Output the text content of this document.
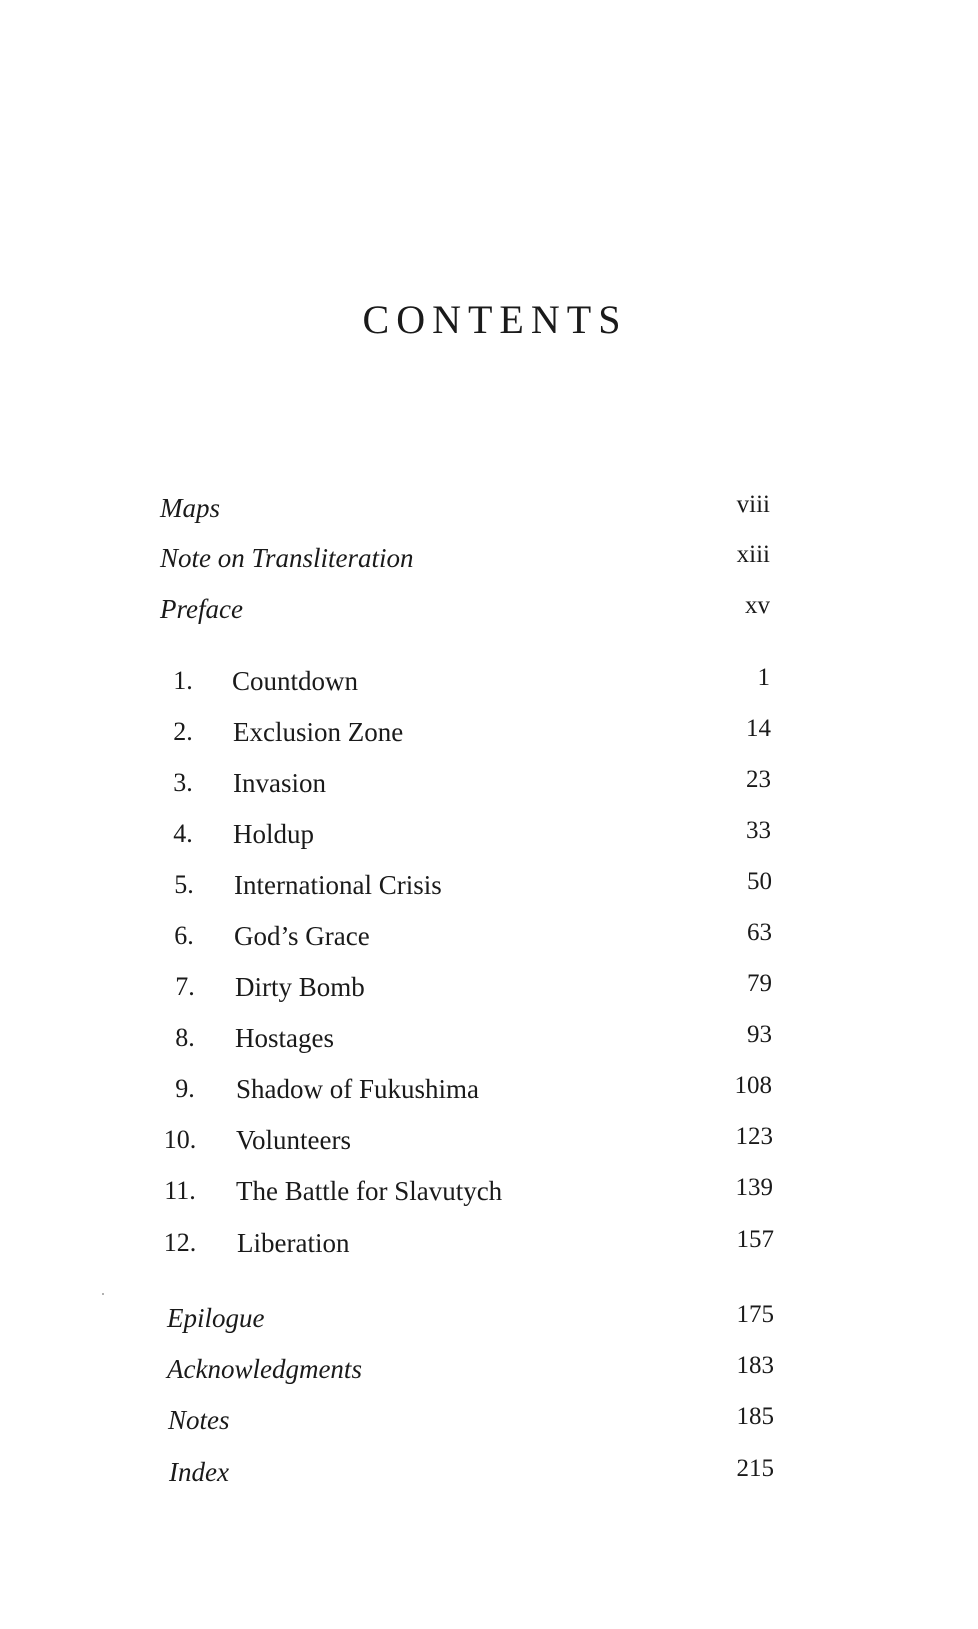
CONTENTS
Maps	viii
Note on Transliteration	xiii
Preface	xv
1.	Countdown	1
2.	Exclusion Zone	14
3.	Invasion	23
4.	Holdup	33
5.	International Crisis	50
6.	God’s Grace	63
7.	Dirty Bomb	79
8.	Hostages	93
9.	Shadow of Fukushima	108
10.	Volunteers	123
11.	The Battle for Slavutych	139
12.	Liberation	157
Epilogue	175
Acknowledgments	183
Notes	185
Index	215
